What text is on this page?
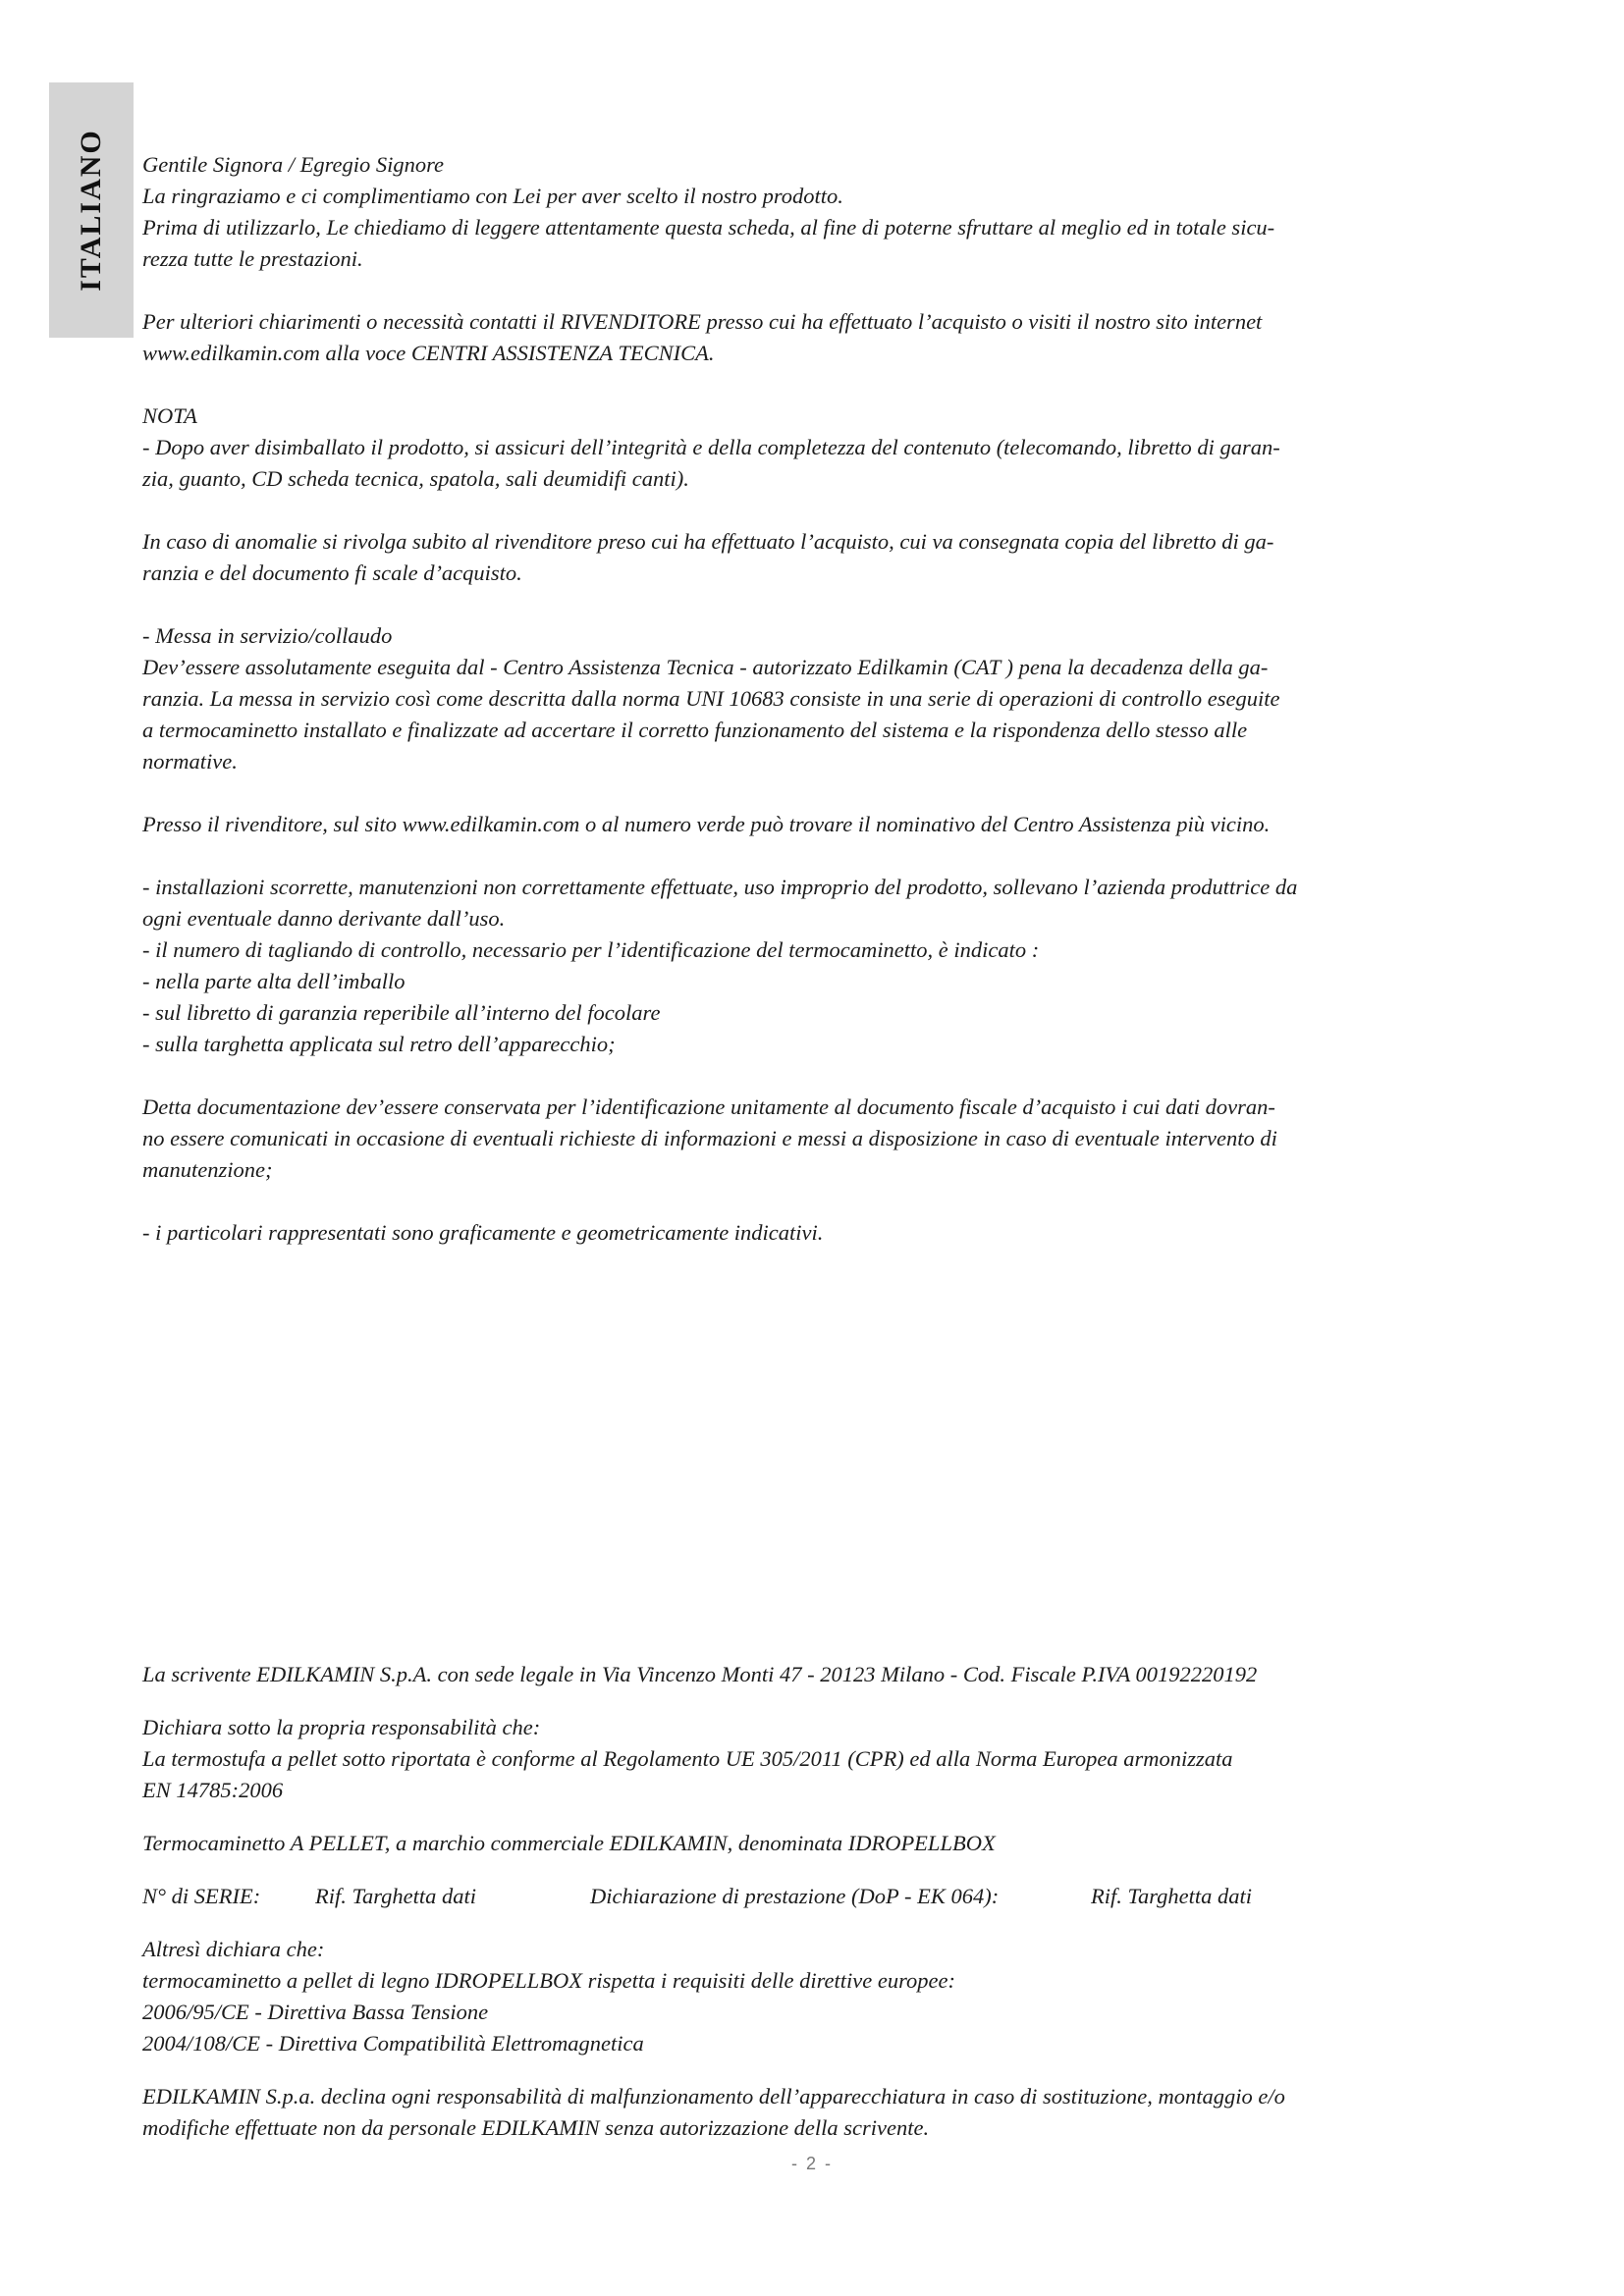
ITALIANO Gentile Signora / Egregio Signore
La ringraziamo e ci complimentiamo con Lei per aver scelto il nostro prodotto.
Prima di utilizzarlo, Le chiediamo di leggere attentamente questa scheda, al fine di poterne sfruttare al meglio ed in totale sicu-
rezza tutte le prestazioni.

Per ulteriori chiarimenti o necessità contatti il RIVENDITORE presso cui ha effettuato l’acquisto o visiti il nostro sito internet
www.edilkamin.com alla voce CENTRI ASSISTENZA TECNICA.

NOTA
- Dopo aver disimballato il prodotto, si assicuri dell’integrità e della completezza del contenuto (telecomando, libretto di garan-
zia, guanto, CD scheda tecnica, spatola, sali deumidifi canti).

In caso di anomalie si rivolga subito al rivenditore preso cui ha effettuato l’acquisto, cui va consegnata copia del libretto di ga-
ranzia e del documento fi scale d’acquisto.

- Messa in servizio/collaudo
Dev’essere assolutamente eseguita dal - Centro Assistenza Tecnica - autorizzato Edilkamin (CAT ) pena la decadenza della ga-
ranzia. La messa in servizio così come descritta dalla norma UNI 10683 consiste in una serie di operazioni di controllo eseguite
a termocaminetto installato e finalizzate ad accertare il corretto funzionamento del sistema e la rispondenza dello stesso alle
normative.

Presso il rivenditore, sul sito www.edilkamin.com o al numero verde può trovare il nominativo del Centro Assistenza più vicino.

- installazioni scorrette, manutenzioni non correttamente effettuate, uso improprio del prodotto, sollevano l’azienda produttrice da
ogni eventuale danno derivante dall’uso.
- il numero di tagliando di controllo, necessario per l’identificazione del termocaminetto, è indicato :
- nella parte alta dell’imballo
- sul libretto di garanzia reperibile all’interno del focolare
- sulla targhetta applicata sul retro dell’apparecchio;

Detta documentazione dev’essere conservata per l’identificazione unitamente al documento fiscale d’acquisto i cui dati dovran-
no essere comunicati in occasione di eventuali richieste di informazioni e messi a disposizione in caso di eventuale intervento di
manutenzione;

- i particolari rappresentati sono graficamente e geometricamente indicativi.

La scrivente EDILKAMIN S.p.A. con sede legale in Via Vincenzo Monti 47 - 20123 Milano - Cod. Fiscale P.IVA 00192220192

Dichiara sotto la propria responsabilità che:
La termostufa a pellet sotto riportata è conforme al Regolamento UE 305/2011 (CPR) ed alla Norma Europea armonizzata
EN 14785:2006

Termocaminetto A PELLET, a marchio commerciale EDILKAMIN, denominata IDROPELLBOX

N° di SERIE: Rif. Targhetta dati	Dichiarazione di prestazione (DoP - EK 064):	Rif. Targhetta dati

Altresì dichiara che:
termocaminetto a pellet di legno IDROPELLBOX rispetta i requisiti delle direttive europee:
2006/95/CE - Direttiva Bassa Tensione
2004/108/CE - Direttiva Compatibilità Elettromagnetica

EDILKAMIN S.p.a. declina ogni responsabilità di malfunzionamento dell’apparecchiatura in caso di sostituzione, montaggio e/o
modifiche effettuate non da personale EDILKAMIN senza autorizzazione della scrivente.

- 2 -
